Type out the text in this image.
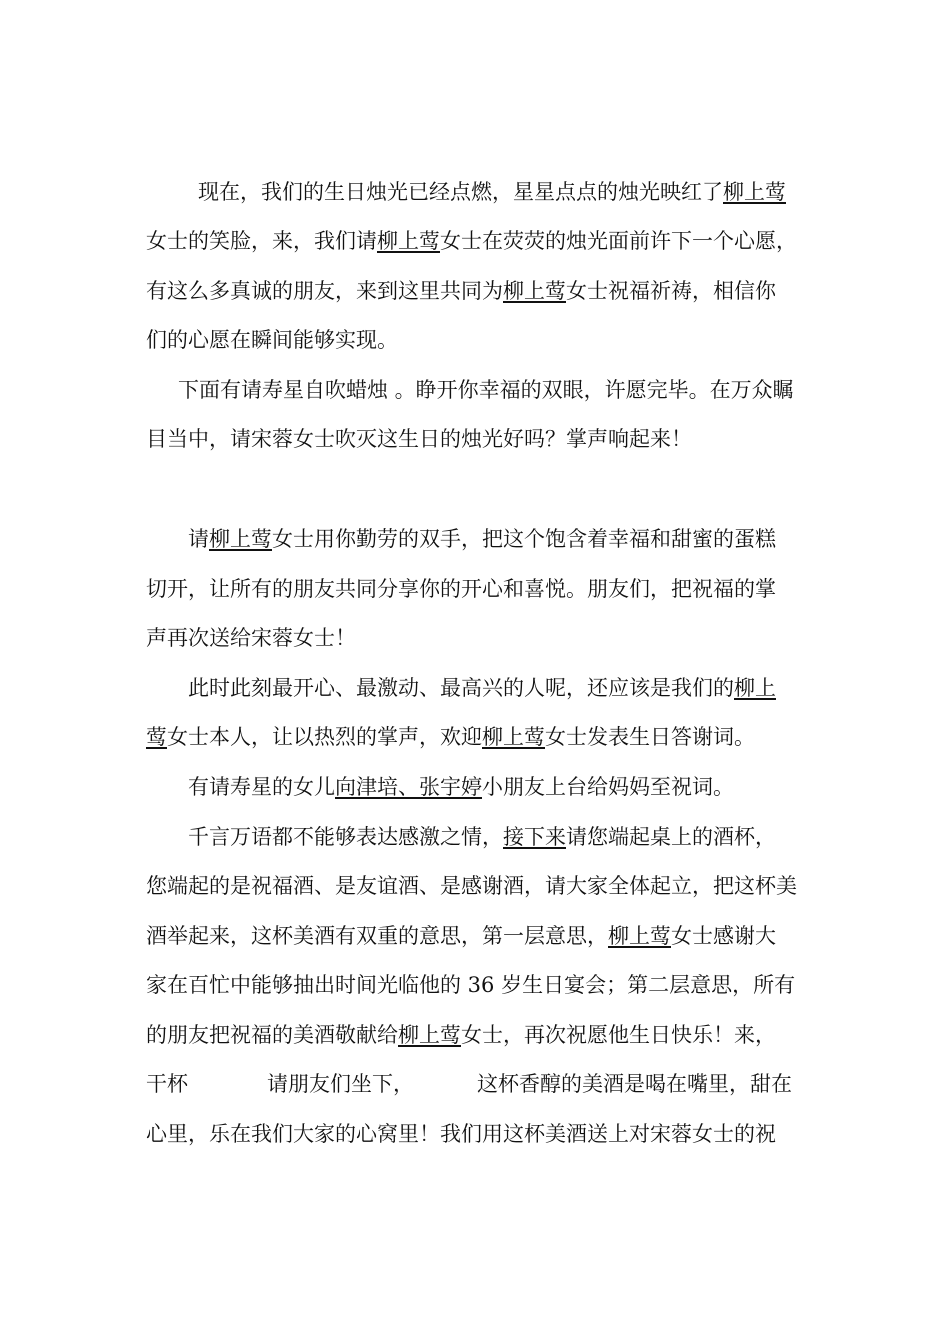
现在，我们的生日烛光已经点燃，星星点点的烛光映红了柳上莺

女士的笑脸，来，我们请柳上莺女士在荧荧的烛光面前许下一个心愿，

有这么多真诚的朋友，来到这里共同为柳上莺女士祝福祈祷，相信你

们的心愿在瞬间能够实现。

下面有请寿星自吹蜡烛 。睁开你幸福的双眼，许愿完毕。在万众瞩

目当中，请宋蓉女士吹灭这生日的烛光好吗？掌声响起来！

请柳上莺女士用你勤劳的双手，把这个饱含着幸福和甜蜜的蛋糕

切开，让所有的朋友共同分享你的开心和喜悦。朋友们，把祝福的掌

声再次送给宋蓉女士！

此时此刻最开心、最激动、最高兴的人呢，还应该是我们的柳上

莺女士本人，让以热烈的掌声，欢迎柳上莺女士发表生日答谢词。

有请寿星的女儿向津培、张宇婷小朋友上台给妈妈至祝词。

千言万语都不能够表达感激之情，接下来请您端起桌上的酒杯，

您端起的是祝福酒、是友谊酒、是感谢酒，请大家全体起立，把这杯美

酒举起来，这杯美酒有双重的意思，第一层意思，柳上莺女士感谢大

家在百忙中能够抽出时间光临他的 36 岁生日宴会；第二层意思，所有

的朋友把祝福的美酒敬献给柳上莺女士，再次祝愿他生日快乐！来，

干杯	请朋友们坐下，	这杯香醇的美酒是喝在嘴里，甜在

心里，乐在我们大家的心窝里！我们用这杯美酒送上对宋蓉女士的祝
